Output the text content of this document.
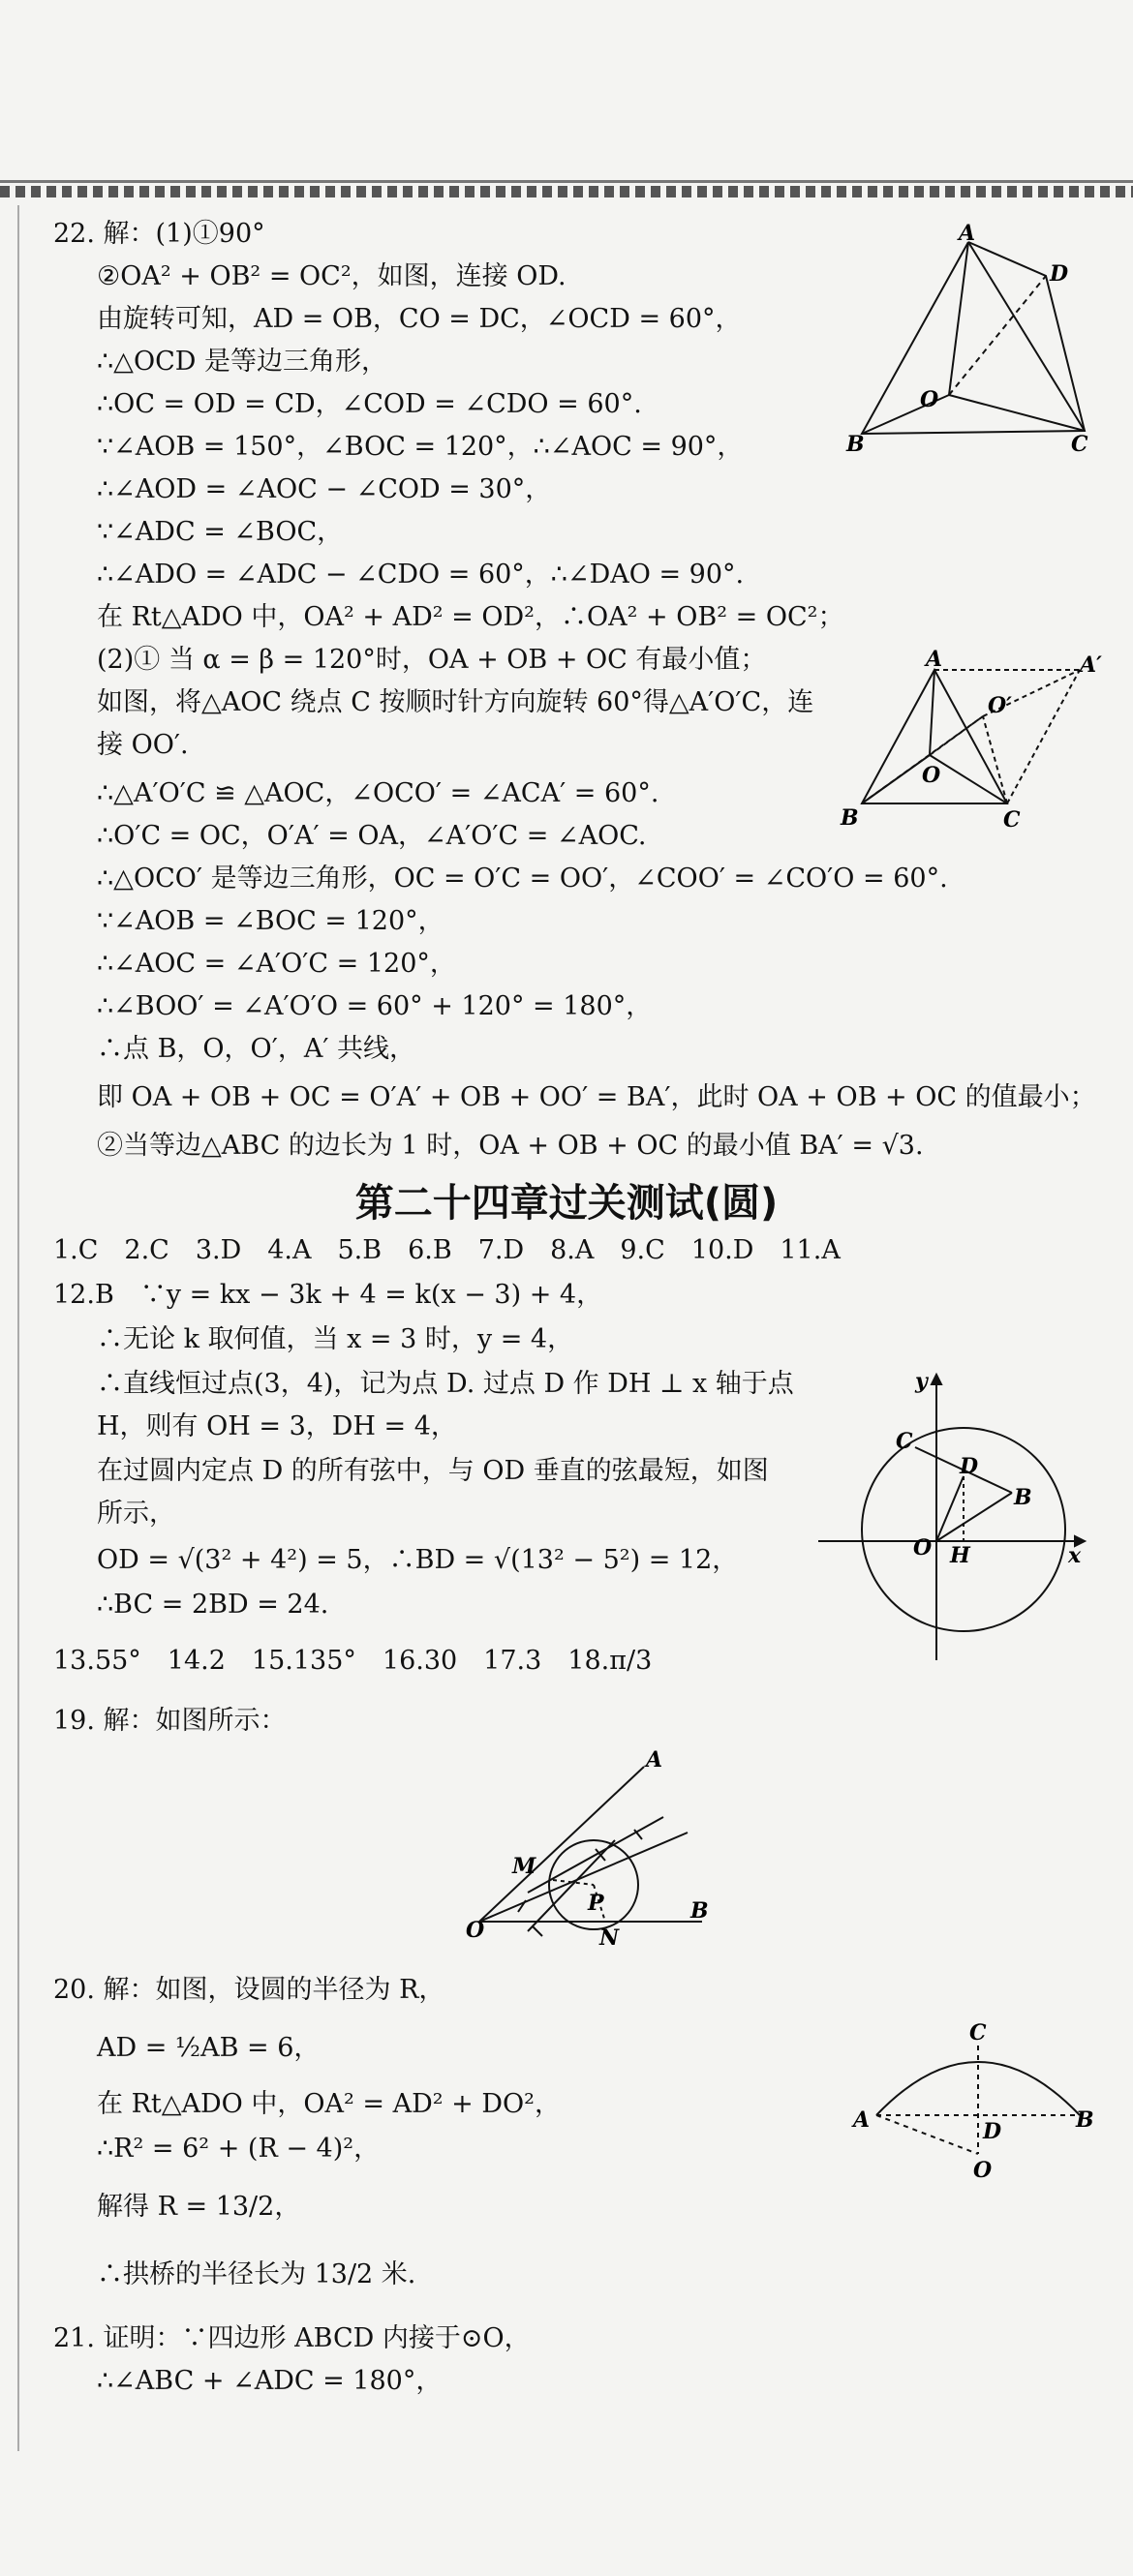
22. 解：(1)①90°
②OA² + OB² = OC²，如图，连接 OD.
由旋转可知，AD = OB，CO = DC，∠OCD = 60°，
∴△OCD 是等边三角形，
∴OC = OD = CD，∠COD = ∠CDO = 60°.
∵∠AOB = 150°，∠BOC = 120°，∴∠AOC = 90°，
∴∠AOD = ∠AOC − ∠COD = 30°，
∵∠ADC = ∠BOC，
∴∠ADO = ∠ADC − ∠CDO = 60°，∴∠DAO = 90°.
在 Rt△ADO 中，OA² + AD² = OD²，∴OA² + OB² = OC²；
(2)① 当 α = β = 120°时，OA + OB + OC 有最小值；
如图，将△AOC 绕点 C 按顺时针方向旋转 60°得△A′O′C，连
接 OO′.
∴△A′O′C ≌ △AOC，∠OCO′ = ∠ACA′ = 60°.
∴O′C = OC，O′A′ = OA，∠A′O′C = ∠AOC.
∴△OCO′ 是等边三角形，OC = O′C = OO′，∠COO′ = ∠CO′O = 60°.
∵∠AOB = ∠BOC = 120°，
∴∠AOC = ∠A′O′C = 120°，
∴∠BOO′ = ∠A′O′O = 60° + 120° = 180°，
∴点 B，O，O′，A′ 共线，
即 OA + OB + OC = O′A′ + OB + OO′ = BA′，此时 OA + OB + OC 的值最小；
②当等边△ABC 的边长为 1 时，OA + OB + OC 的最小值 BA′ = √3.
A
D
O
B	C
A	A′
O′
O
B	C
第二十四章过关测试(圆)
1.C　2.C　3.D　4.A　5.B　6.B　7.D　8.A　9.C　10.D　11.A
12.B　∵y = kx − 3k + 4 = k(x − 3) + 4，
∴无论 k 取何值，当 x = 3 时，y = 4，
∴直线恒过点(3，4)，记为点 D. 过点 D 作 DH ⊥ x 轴于点
H，则有 OH = 3，DH = 4，
在过圆内定点 D 的所有弦中，与 OD 垂直的弦最短，如图
所示，
OD = √(3² + 4²) = 5，∴BD = √(13² − 5²) = 12，
∴BC = 2BD = 24.
C
D
B
O H	x
y
13.55°　14.2　15.135°　16.30　17.3　18.π/3
19. 解：如图所示：
A
M
P
O	N
B
20. 解：如图，设圆的半径为 R，
AD = ½AB = 6，
在 Rt△ADO 中，OA² = AD² + DO²，
∴R² = 6² + (R − 4)²，
解得 R = 13/2，
∴拱桥的半径长为 13/2 米.
C
A	D	B
O
21. 证明：∵四边形 ABCD 内接于⊙O，
∴∠ABC + ∠ADC = 180°，
